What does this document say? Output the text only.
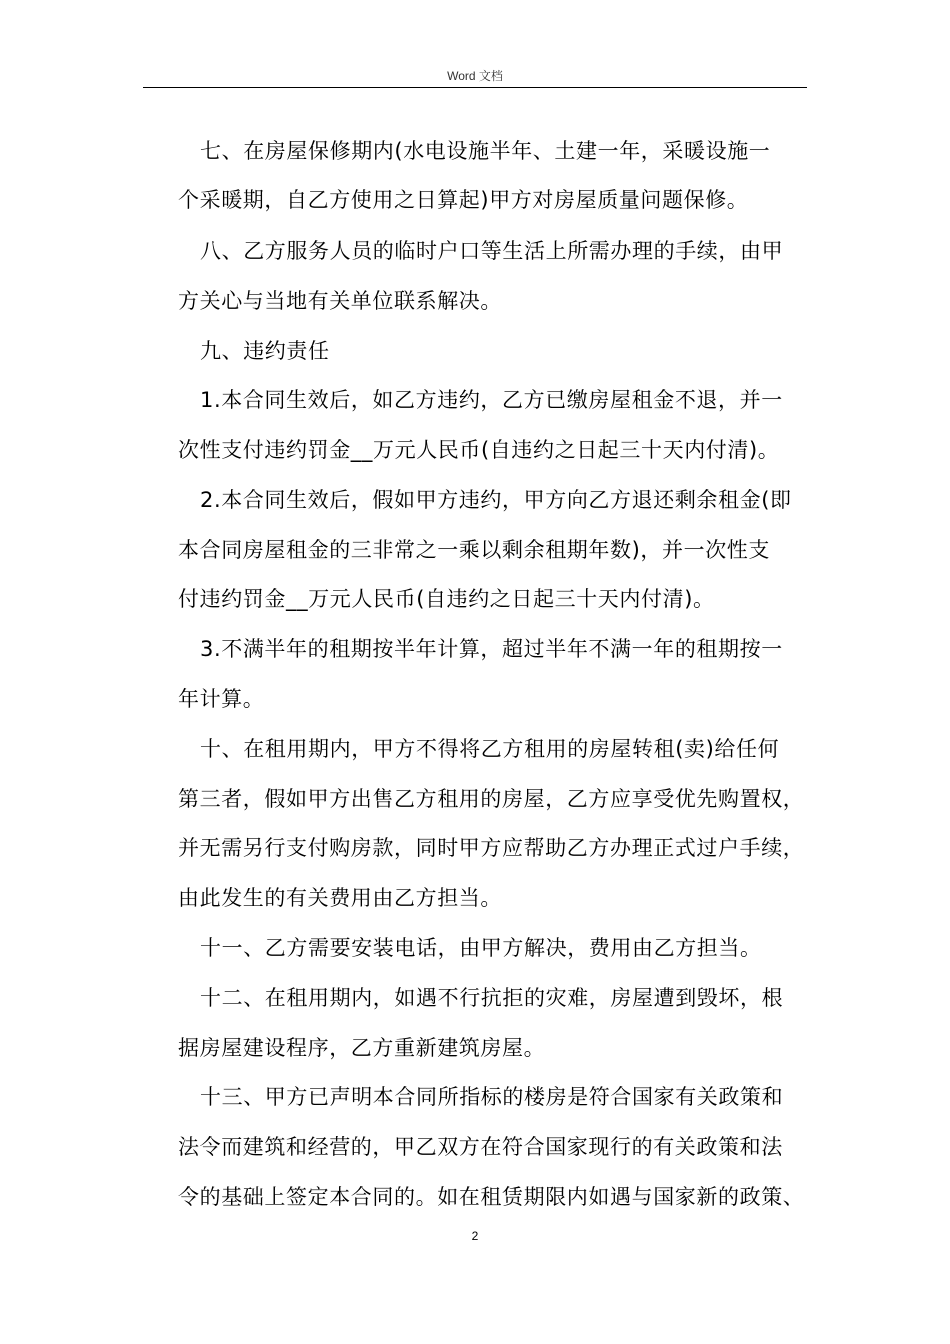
Word 文档
七、在房屋保修期内(水电设施半年、土建一年，采暖设施一
个采暖期，自乙方使用之日算起)甲方对房屋质量问题保修。
八、乙方服务人员的临时户口等生活上所需办理的手续，由甲
方关心与当地有关单位联系解决。
九、违约责任
1.本合同生效后，如乙方违约，乙方已缴房屋租金不退，并一
次性支付违约罚金__万元人民币(自违约之日起三十天内付清)。
2.本合同生效后，假如甲方违约，甲方向乙方退还剩余租金(即
本合同房屋租金的三非常之一乘以剩余租期年数)，并一次性支
付违约罚金__万元人民币(自违约之日起三十天内付清)。
3.不满半年的租期按半年计算，超过半年不满一年的租期按一
年计算。
十、在租用期内，甲方不得将乙方租用的房屋转租(卖)给任何
第三者，假如甲方出售乙方租用的房屋，乙方应享受优先购置权，
并无需另行支付购房款，同时甲方应帮助乙方办理正式过户手续，
由此发生的有关费用由乙方担当。
十一、乙方需要安装电话，由甲方解决，费用由乙方担当。
十二、在租用期内，如遇不行抗拒的灾难，房屋遭到毁坏，根
据房屋建设程序，乙方重新建筑房屋。
十三、甲方已声明本合同所指标的楼房是符合国家有关政策和
法令而建筑和经营的，甲乙双方在符合国家现行的有关政策和法
令的基础上签定本合同的。如在租赁期限内如遇与国家新的政策、
2
